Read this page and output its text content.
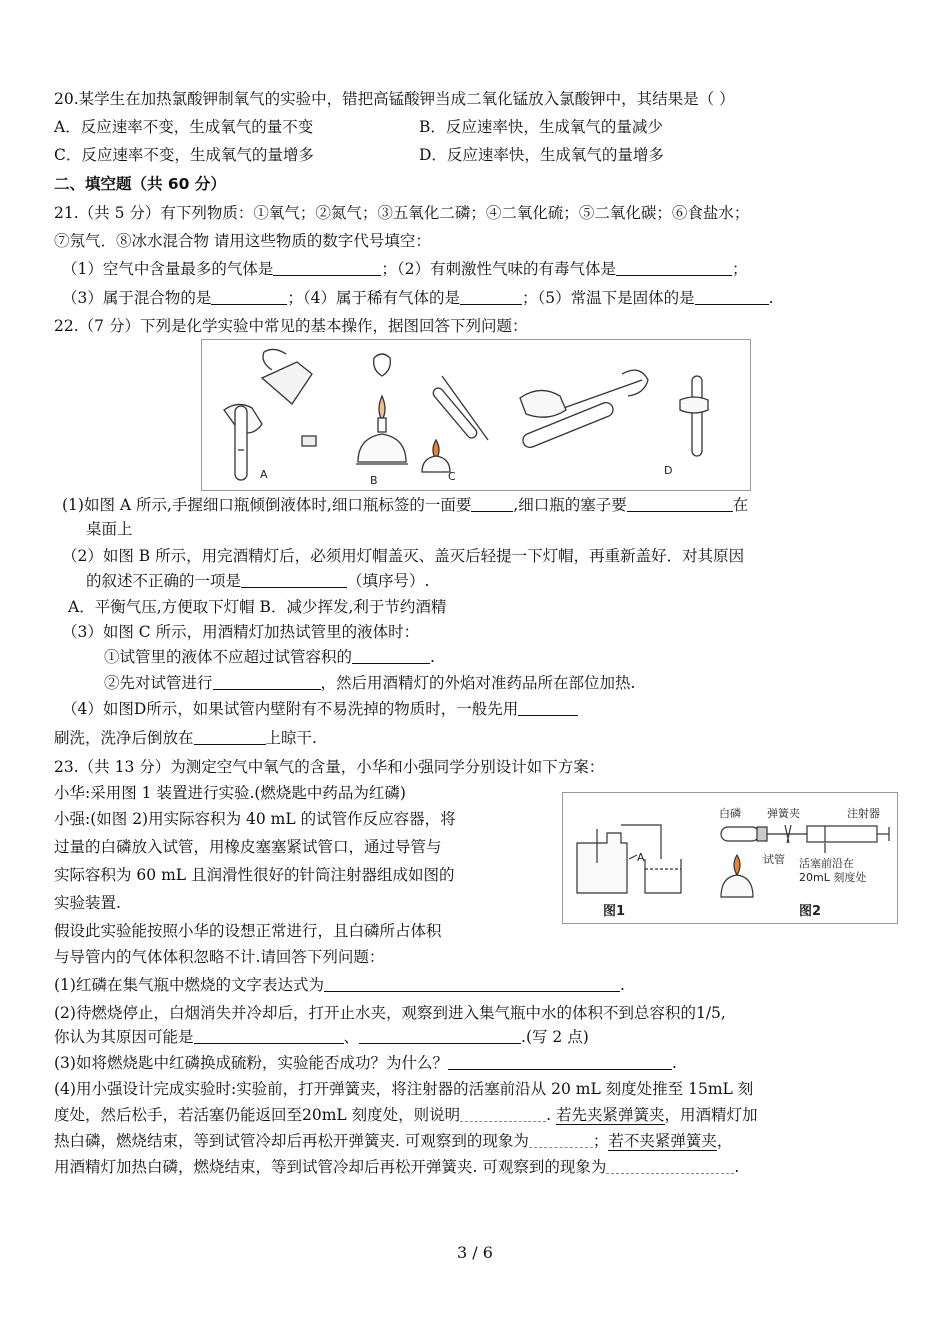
20.某学生在加热氯酸钾制氧气的实验中，错把高锰酸钾当成二氧化锰放入氯酸钾中，其结果是（ ）
A．反应速率不变，生成氧气的量不变	B．反应速率快，生成氧气的量减少
C．反应速率不变，生成氧气的量增多	D．反应速率快，生成氧气的量增多
二、填空题（共 60 分）
21.（共 5 分）有下列物质：①氧气；②氮气；③五氧化二磷；④二氧化硫；⑤二氧化碳；⑥食盐水；
⑦氖气．⑧冰水混合物 请用这些物质的数字代号填空：
（1）空气中含量最多的气体是	；（2）有刺激性气味的有毒气体是	；
（3）属于混合物的是	；（4）属于稀有气体的是	；（5）常温下是固体的是	.
22.（7 分）下列是化学实验中常见的基本操作，据图回答下列问题：
A	B	C	D
(1)如图 A 所示,手握细口瓶倾倒液体时,细口瓶标签的一面要	,细口瓶的塞子要	在
桌面上
（2）如图 B 所示，用完酒精灯后，必须用灯帽盖灭、盖灭后轻提一下灯帽，再重新盖好．对其原因
的叙述不正确的一项是	（填序号）.
A．平衡气压,方便取下灯帽 B．减少挥发,利于节约酒精
（3）如图 C 所示，用酒精灯加热试管里的液体时：
①试管里的液体不应超过试管容积的	.
②先对试管进行	，然后用酒精灯的外焰对准药品所在部位加热.
（4）如图D所示，如果试管内壁附有不易洗掉的物质时，一般先用
刷洗，洗净后倒放在	上晾干.
23.（共 13 分）为测定空气中氧气的含量，小华和小强同学分别设计如下方案：
小华:采用图 1 装置进行实验.(燃烧匙中药品为红磷)
小强:(如图 2)用实际容积为 40 mL 的试管作反应容器，将
过量的白磷放入试管，用橡皮塞塞紧试管口，通过导管与
实际容积为 60 mL 且润滑性很好的针筒注射器组成如图的
实验装置.
假设此实验能按照小华的设想正常进行，且白磷所占体积
与导管内的气体体积忽略不计.请回答下列问题：
A
白磷 弹簧夹	注射器
试管 活塞前沿在
20mL 刻度处
图1	图2
(1)红磷在集气瓶中燃烧的文字表达式为	.
(2)待燃烧停止，白烟消失并冷却后，打开止水夹，观察到进入集气瓶中水的体积不到总容积的1/5,
你认为其原因可能是	、	.(写 2 点)
(3)如将燃烧匙中红磷换成硫粉，实验能否成功？为什么？	.
(4)用小强设计完成实验时:实验前，打开弹簧夹，将注射器的活塞前沿从 20 mL 刻度处推至 15mL 刻
度处，然后松手，若活塞仍能返回至20mL 刻度处，则说明	. 若先夹紧弹簧夹，用酒精灯加
热白磷，燃烧结束，等到试管冷却后再松开弹簧夹. 可观察到的现象为	；若不夹紧弹簧夹，
用酒精灯加热白磷，燃烧结束，等到试管冷却后再松开弹簧夹. 可观察到的现象为	.
3 / 6
